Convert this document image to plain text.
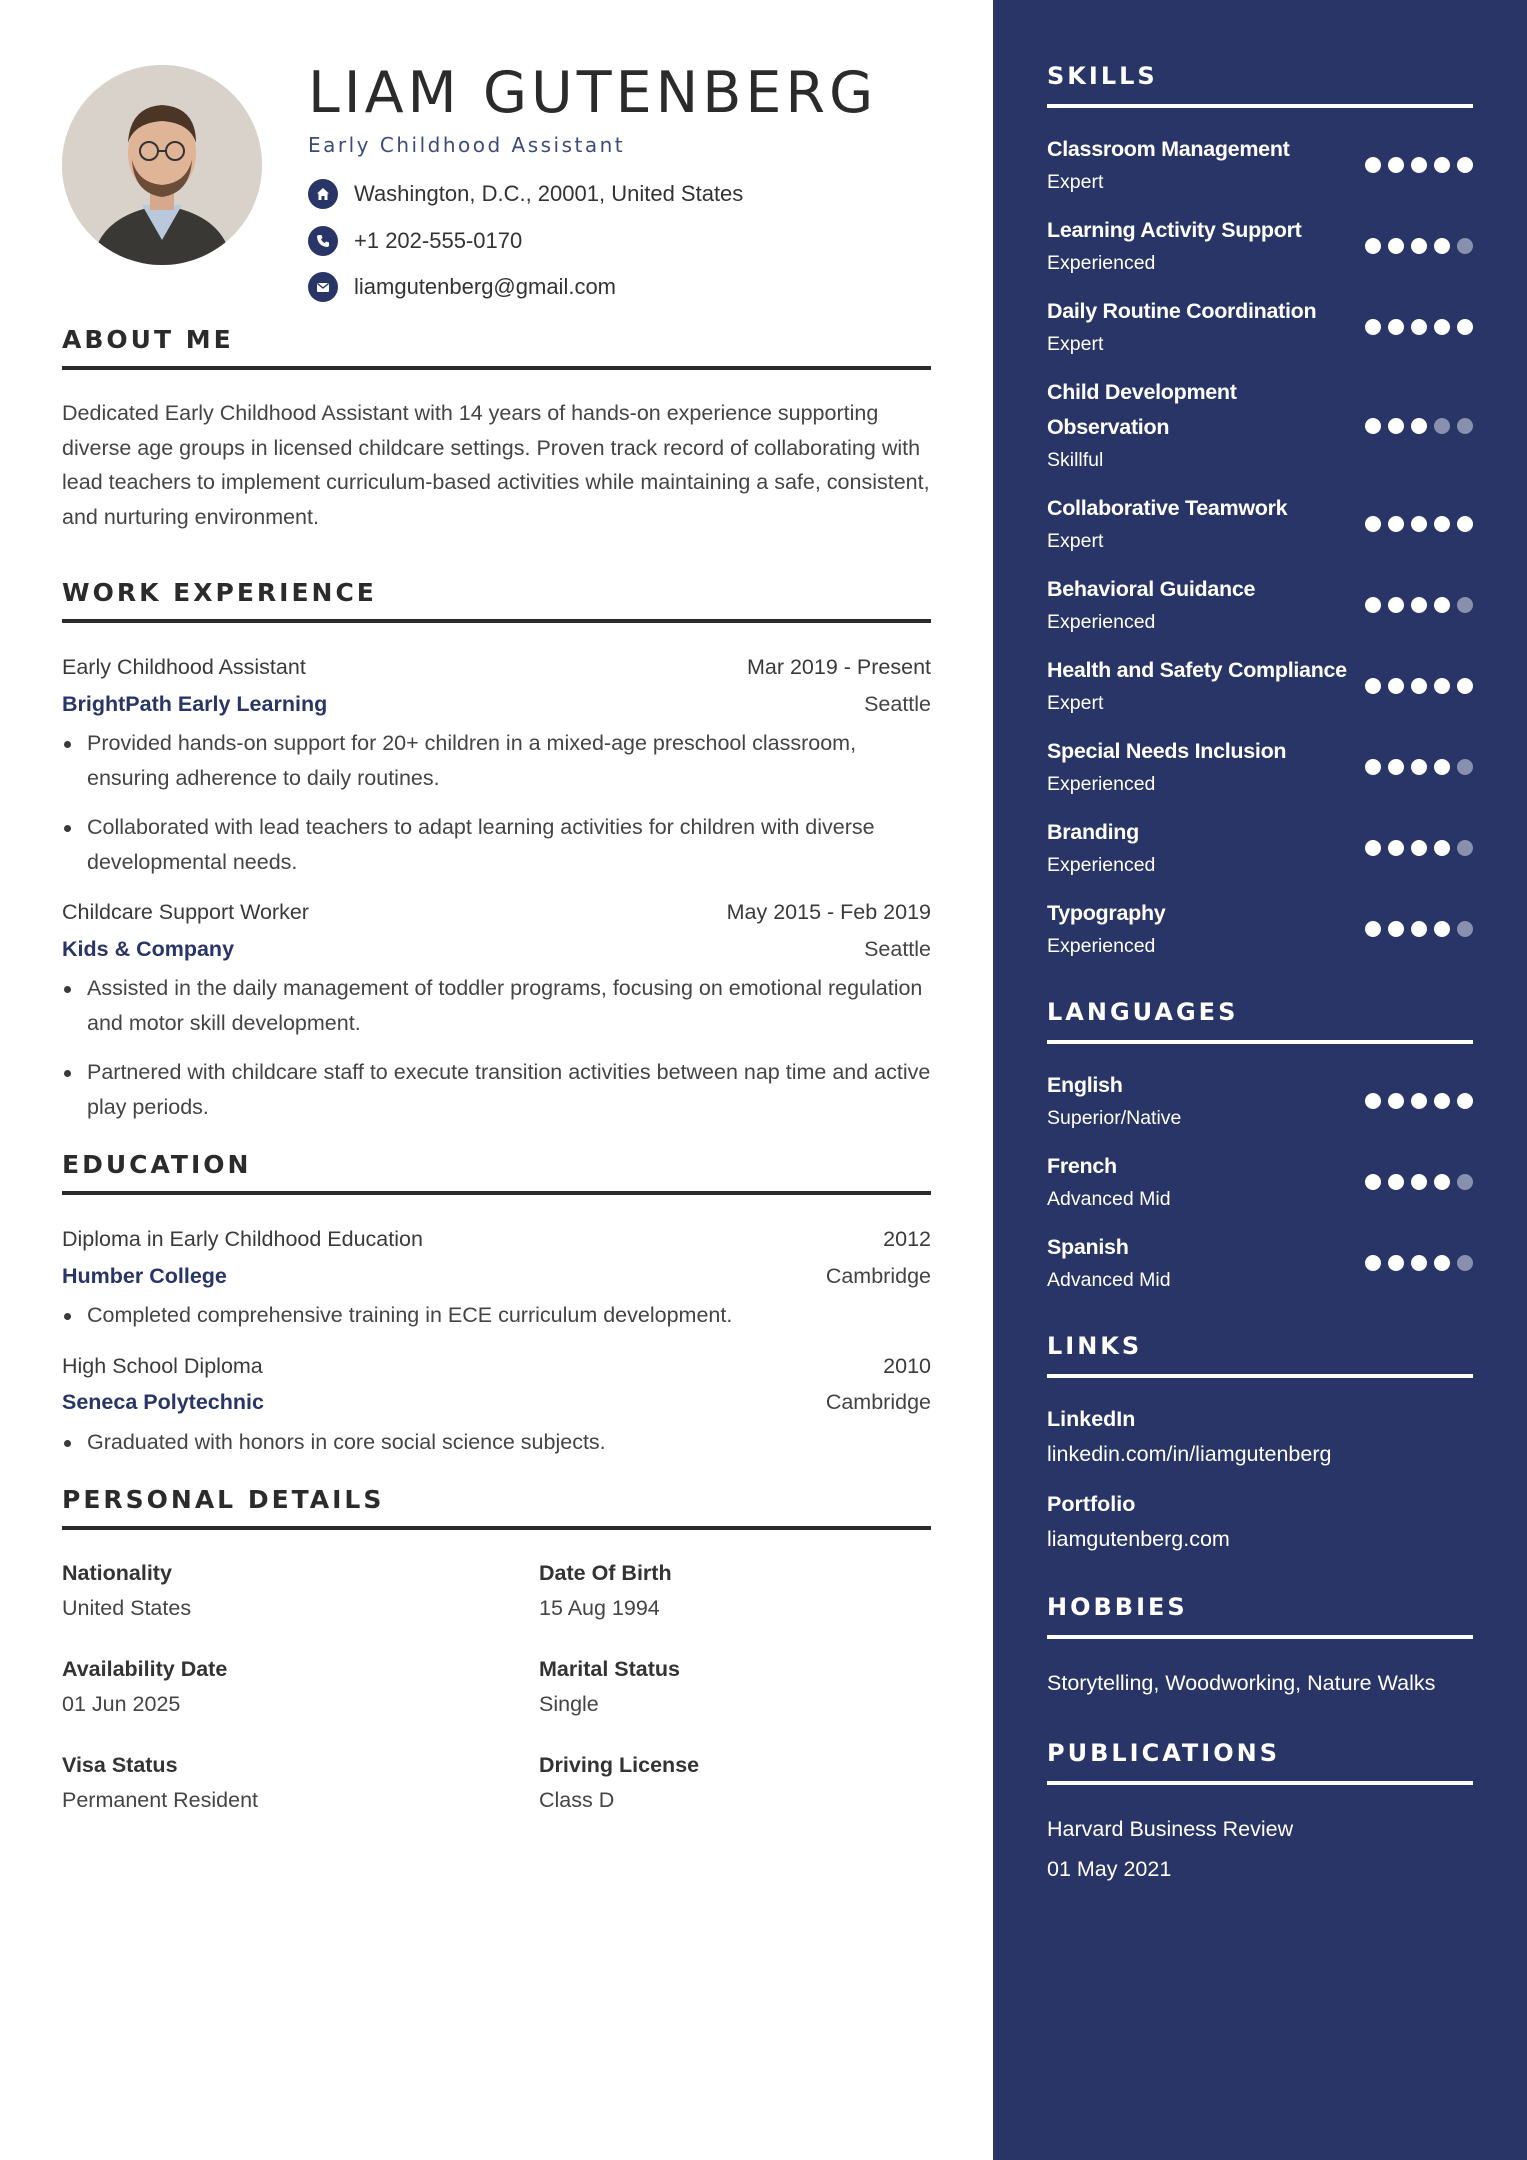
LIAM GUTENBERG
Early Childhood Assistant
Washington, D.C., 20001, United States
+1 202-555-0170
liamgutenberg@gmail.com
ABOUT ME

Dedicated Early Childhood Assistant with 14 years of hands-on experience supporting diverse age groups in licensed childcare settings. Proven track record of collaborating with lead teachers to implement curriculum-based activities while maintaining a safe, consistent, and nurturing environment.

WORK EXPERIENCE
Early Childhood Assistant	Mar 2019 - Present
BrightPath Early Learning	Seattle
Provided hands-on support for 20+ children in a mixed-age preschool classroom, ensuring adherence to daily routines.
Collaborated with lead teachers to adapt learning activities for children with diverse developmental needs.
Childcare Support Worker	May 2015 - Feb 2019
Kids & Company	Seattle
Assisted in the daily management of toddler programs, focusing on emotional regulation and motor skill development.
Partnered with childcare staff to execute transition activities between nap time and active play periods.
EDUCATION
Diploma in Early Childhood Education	2012
Humber College	Cambridge
Completed comprehensive training in ECE curriculum development.
High School Diploma	2010
Seneca Polytechnic	Cambridge
Graduated with honors in core social science subjects.
PERSONAL DETAILS
Nationality
United States
Date Of Birth
15 Aug 1994
Availability Date
01 Jun 2025
Marital Status
Single
Visa Status
Permanent Resident
Driving License
Class D
SKILLS
Classroom Management
Expert
Learning Activity Support
Experienced
Daily Routine Coordination
Expert
Child Development Observation
Skillful
Collaborative Teamwork
Expert
Behavioral Guidance
Experienced
Health and Safety Compliance
Expert
Special Needs Inclusion
Experienced
Branding
Experienced
Typography
Experienced
LANGUAGES
English
Superior/Native
French
Advanced Mid
Spanish
Advanced Mid
LINKS
LinkedIn
linkedin.com/in/liamgutenberg
Portfolio
liamgutenberg.com
HOBBIES
Storytelling, Woodworking, Nature Walks
PUBLICATIONS
Harvard Business Review
01 May 2021
